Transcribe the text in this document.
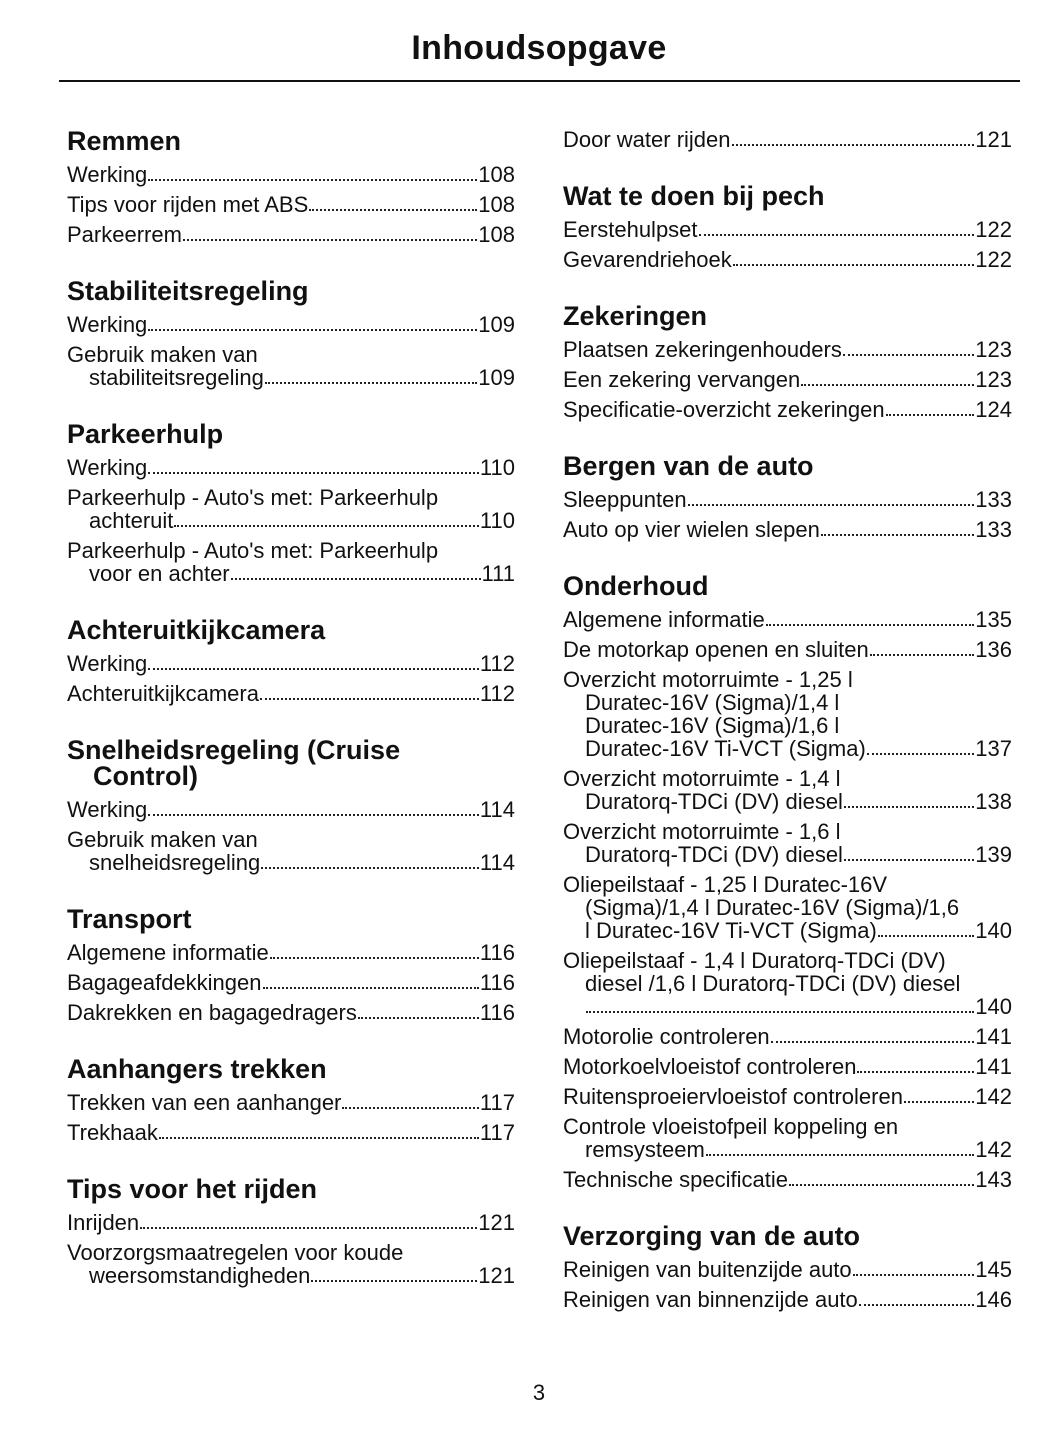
Inhoudsopgave
Remmen
Werking	108
Tips voor rijden met ABS	108
Parkeerrem	108
Stabiliteitsregeling
Werking	109
Gebruik maken van
stabiliteitsregeling	109
Parkeerhulp
Werking	110
Parkeerhulp - Auto's met: Parkeerhulp
achteruit	110
Parkeerhulp - Auto's met: Parkeerhulp
voor en achter	111
Achteruitkijkcamera
Werking	112
Achteruitkijkcamera	112
Snelheidsregeling (Cruise
Control)
Werking	114
Gebruik maken van
snelheidsregeling	114
Transport
Algemene informatie	116
Bagageafdekkingen	116
Dakrekken en bagagedragers	116
Aanhangers trekken
Trekken van een aanhanger	117
Trekhaak	117
Tips voor het rijden
Inrijden	121
Voorzorgsmaatregelen voor koude
weersomstandigheden	121
Door water rijden	121
Wat te doen bij pech
Eerstehulpset	122
Gevarendriehoek	122
Zekeringen
Plaatsen zekeringenhouders	123
Een zekering vervangen	123
Specificatie-overzicht zekeringen	124
Bergen van de auto
Sleeppunten	133
Auto op vier wielen slepen	133
Onderhoud
Algemene informatie	135
De motorkap openen en sluiten	136
Overzicht motorruimte - 1,25 l
Duratec-16V (Sigma)/1,4 l
Duratec-16V (Sigma)/1,6 l
Duratec-16V Ti-VCT (Sigma)	137
Overzicht motorruimte - 1,4 l
Duratorq-TDCi (DV) diesel	138
Overzicht motorruimte - 1,6 l
Duratorq-TDCi (DV) diesel	139
Oliepeilstaaf - 1,25 l Duratec-16V
(Sigma)/1,4 l Duratec-16V (Sigma)/1,6
l Duratec-16V Ti-VCT (Sigma)	140
Oliepeilstaaf - 1,4 l Duratorq-TDCi (DV)
diesel /1,6 l Duratorq-TDCi (DV) diesel
140
Motorolie controleren	141
Motorkoelvloeistof controleren	141
Ruitensproeiervloeistof controleren	142
Controle vloeistofpeil koppeling en
remsysteem	142
Technische specificatie	143
Verzorging van de auto
Reinigen van buitenzijde auto	145
Reinigen van binnenzijde auto	146
3
